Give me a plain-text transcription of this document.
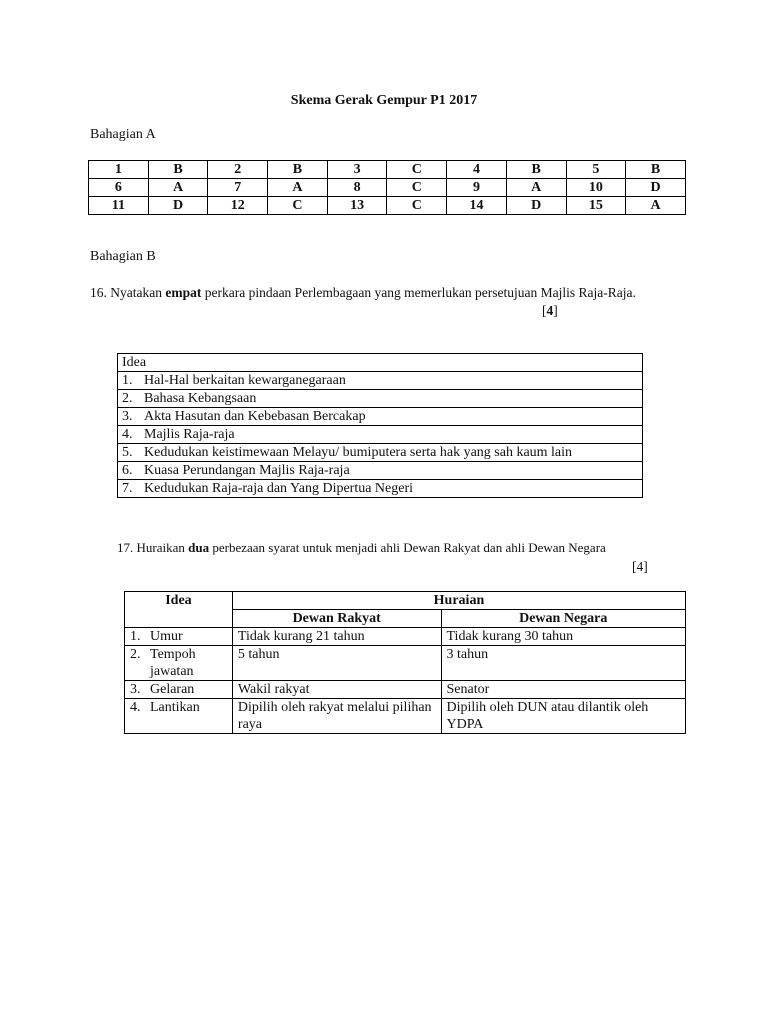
Skema Gerak Gempur P1 2017
Bahagian A
1	B	2	B	3	C	4	B	5	B
6	A	7	A	8	C	9	A	10	D
11	D	12	C	13	C	14	D	15	A
Bahagian B
16. Nyatakan empat perkara pindaan Perlembagaan yang memerlukan persetujuan Majlis Raja-Raja.
[4]
Idea
1. Hal-Hal berkaitan kewarganegaraan
2. Bahasa Kebangsaan
3. Akta Hasutan dan Kebebasan Bercakap
4. Majlis Raja-raja
5. Kedudukan keistimewaan Melayu/ bumiputera serta hak yang sah kaum lain
6. Kuasa Perundangan Majlis Raja-raja
7. Kedudukan Raja-raja dan Yang Dipertua Negeri
17. Huraikan dua perbezaan syarat untuk menjadi ahli Dewan Rakyat dan ahli Dewan Negara
[4]
Idea	Huraian	
	Dewan Rakyat	Dewan Negara
1. Umur	Tidak kurang 21 tahun	Tidak kurang 30 tahun
2. Tempoh jawatan	5 tahun	3 tahun
3. Gelaran	Wakil rakyat	Senator
4. Lantikan	Dipilih oleh rakyat melalui pilihan raya	Dipilih oleh DUN atau dilantik oleh YDPA
